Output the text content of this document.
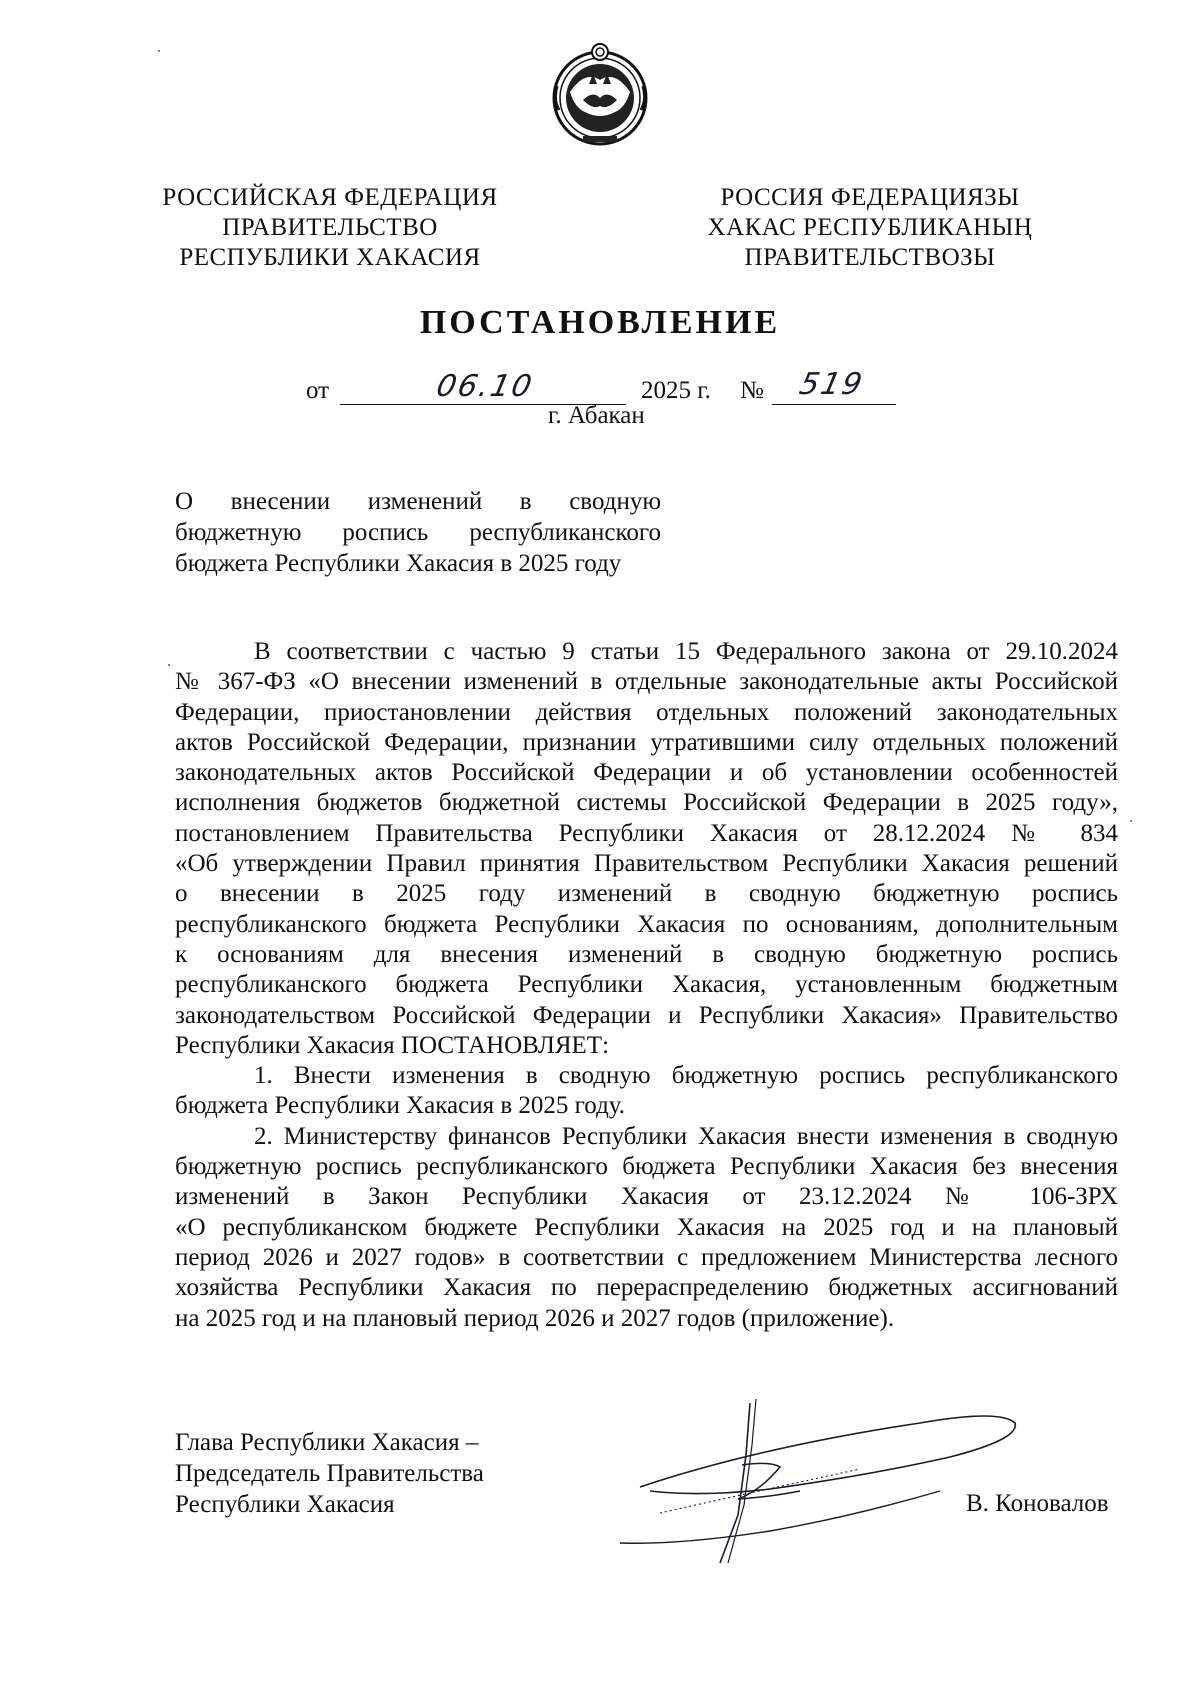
РОССИЙСКАЯ ФЕДЕРАЦИЯ
ПРАВИТЕЛЬСТВО
РЕСПУБЛИКИ ХАКАСИЯ
РОССИЯ ФЕДЕРАЦИЯЗЫ
ХАКАС РЕСПУБЛИКАНЫҢ
ПРАВИТЕЛЬСТВОЗЫ
ПОСТАНОВЛЕНИЕ
от	06.10	2025 г. № 519
г. Абакан
О внесении изменений в сводную
бюджетную роспись республиканского
бюджета Республики Хакасия в 2025 году
В соответствии с частью 9 статьи 15 Федерального закона от 29.10.2024
№ 367-ФЗ «О внесении изменений в отдельные законодательные акты Российской
Федерации, приостановлении действия отдельных положений законодательных
актов Российской Федерации, признании утратившими силу отдельных положений
законодательных актов Российской Федерации и об установлении особенностей
исполнения бюджетов бюджетной системы Российской Федерации в 2025 году»,
постановлением Правительства Республики Хакасия от 28.12.2024 № 834
«Об утверждении Правил принятия Правительством Республики Хакасия решений
о внесении в 2025 году изменений в сводную бюджетную роспись
республиканского бюджета Республики Хакасия по основаниям, дополнительным
к основаниям для внесения изменений в сводную бюджетную роспись
республиканского бюджета Республики Хакасия, установленным бюджетным
законодательством Российской Федерации и Республики Хакасия» Правительство
Республики Хакасия ПОСТАНОВЛЯЕТ:
1. Внести изменения в сводную бюджетную роспись республиканского
бюджета Республики Хакасия в 2025 году.
2. Министерству финансов Республики Хакасия внести изменения в сводную
бюджетную роспись республиканского бюджета Республики Хакасия без внесения
изменений в Закон Республики Хакасия от 23.12.2024 № 106-ЗРХ
«О республиканском бюджете Республики Хакасия на 2025 год и на плановый
период 2026 и 2027 годов» в соответствии с предложением Министерства лесного
хозяйства Республики Хакасия по перераспределению бюджетных ассигнований
на 2025 год и на плановый период 2026 и 2027 годов (приложение).
Глава Республики Хакасия –
Председатель Правительства
Республики Хакасия	В. Коновалов
